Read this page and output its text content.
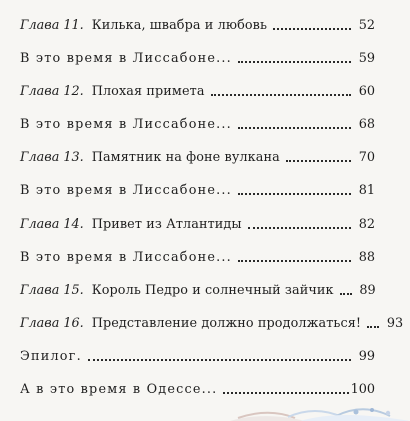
Глава 11. Килька, швабра и любовь	52
В это время в Лиссабоне...	59
Глава 12. Плохая примета	60
В это время в Лиссабоне...	68
Глава 13. Памятник на фоне вулкана	70
В это время в Лиссабоне...	81
Глава 14. Привет из Атлантиды	82
В это время в Лиссабоне...	88
Глава 15. Король Педро и солнечный зайчик 89
Глава 16. Представление должно продолжаться! 93
Эпилог.	99
А в это время в Одессе...	100
